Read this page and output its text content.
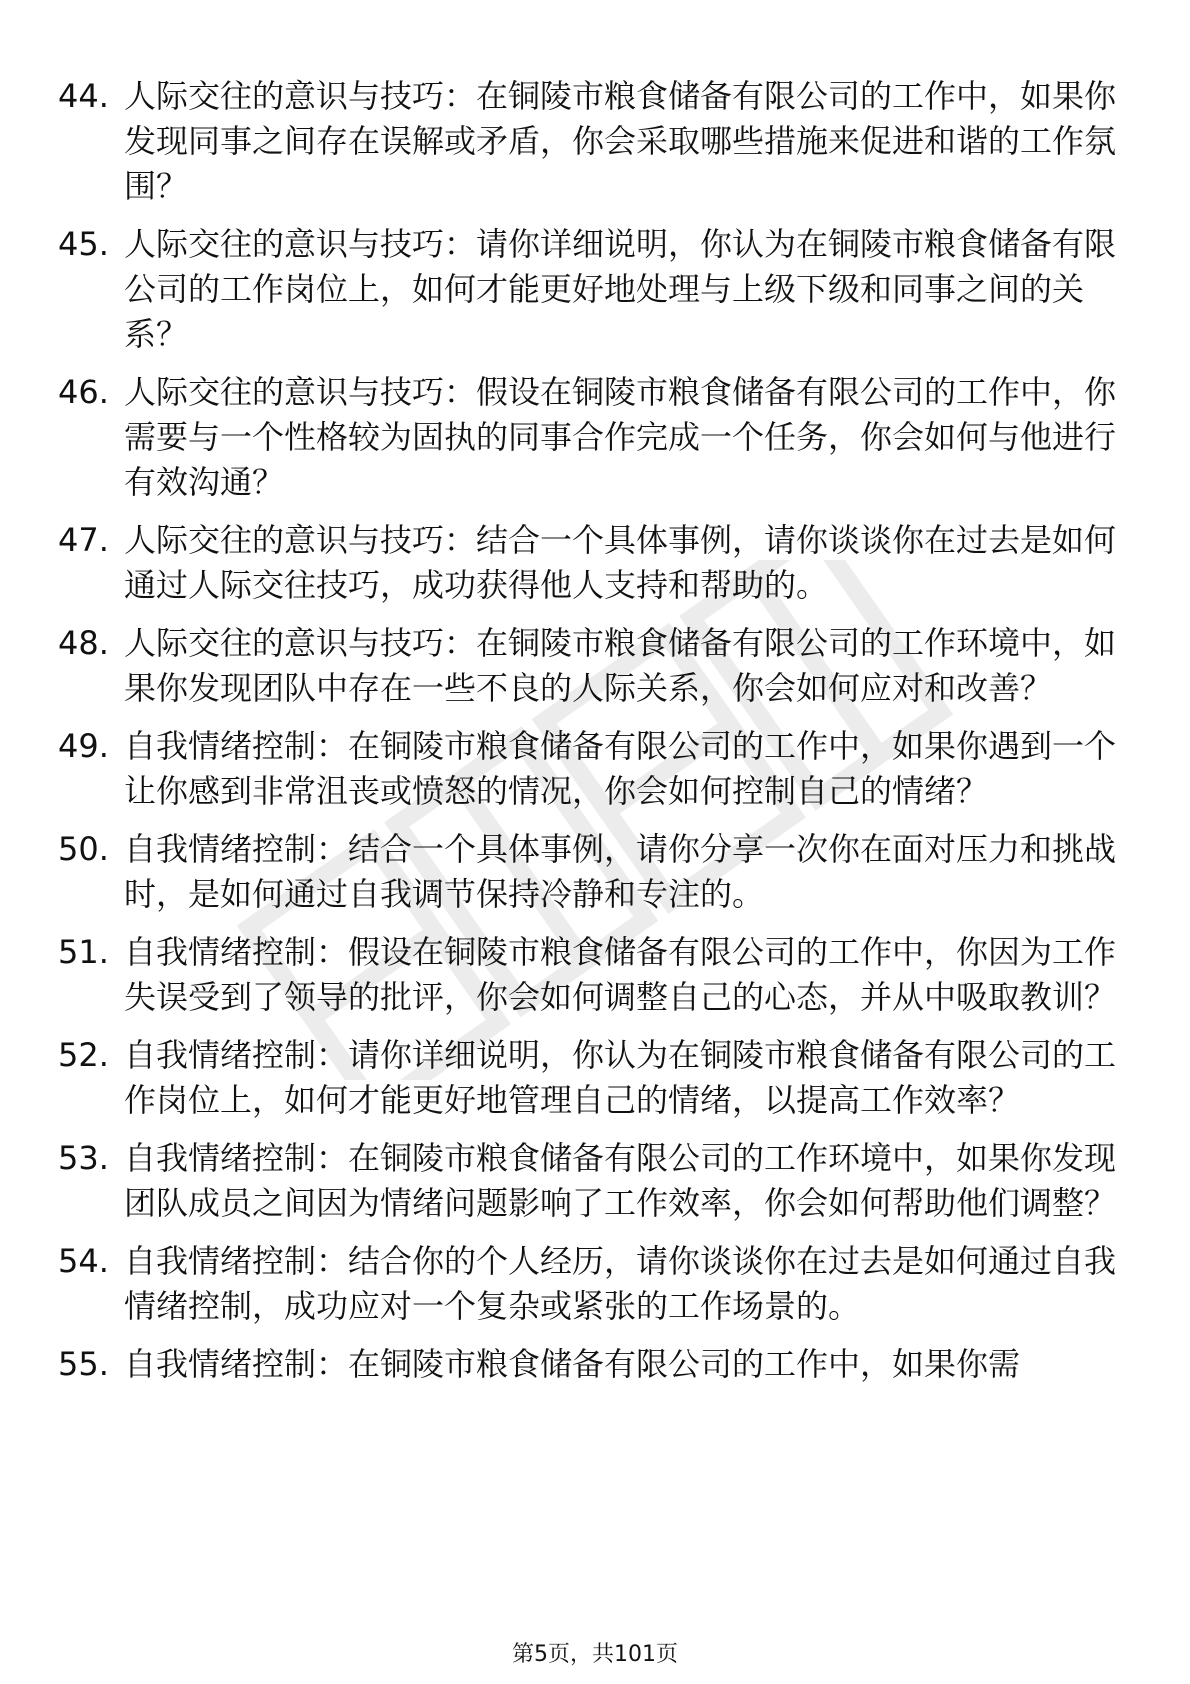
44. 人际交往的意识与技巧：在铜陵市粮食储备有限公司的工作中，如果你发现同事之间存在误解或矛盾，你会采取哪些措施来促进和谐的工作氛围？
45. 人际交往的意识与技巧：请你详细说明，你认为在铜陵市粮食储备有限公司的工作岗位上，如何才能更好地处理与上级下级和同事之间的关系？
46. 人际交往的意识与技巧：假设在铜陵市粮食储备有限公司的工作中，你需要与一个性格较为固执的同事合作完成一个任务，你会如何与他进行有效沟通？
47. 人际交往的意识与技巧：结合一个具体事例，请你谈谈你在过去是如何通过人际交往技巧，成功获得他人支持和帮助的。
48. 人际交往的意识与技巧：在铜陵市粮食储备有限公司的工作环境中，如果你发现团队中存在一些不良的人际关系，你会如何应对和改善？
49. 自我情绪控制：在铜陵市粮食储备有限公司的工作中，如果你遇到一个让你感到非常沮丧或愤怒的情况，你会如何控制自己的情绪？
50. 自我情绪控制：结合一个具体事例，请你分享一次你在面对压力和挑战时，是如何通过自我调节保持冷静和专注的。
51. 自我情绪控制：假设在铜陵市粮食储备有限公司的工作中，你因为工作失误受到了领导的批评，你会如何调整自己的心态，并从中吸取教训？
52. 自我情绪控制：请你详细说明，你认为在铜陵市粮食储备有限公司的工作岗位上，如何才能更好地管理自己的情绪，以提高工作效率？
53. 自我情绪控制：在铜陵市粮食储备有限公司的工作环境中，如果你发现团队成员之间因为情绪问题影响了工作效率，你会如何帮助他们调整？
54. 自我情绪控制：结合你的个人经历，请你谈谈你在过去是如何通过自我情绪控制，成功应对一个复杂或紧张的工作场景的。
55. 自我情绪控制：在铜陵市粮食储备有限公司的工作中，如果你需
第5页，共101页
